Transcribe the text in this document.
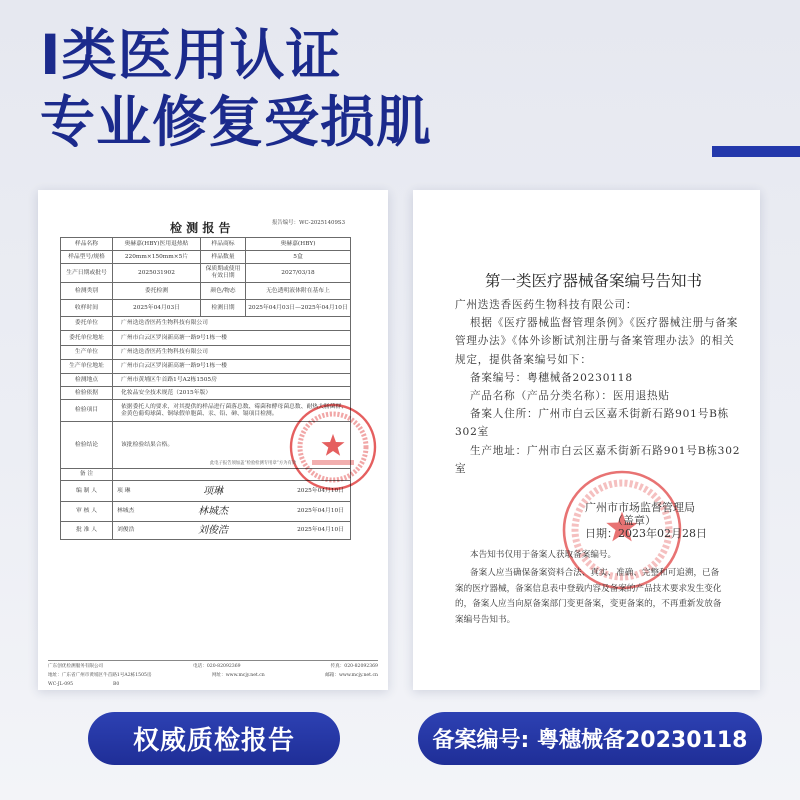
I类医用认证
专业修复受损肌
检 测 报 告	报告编号：WC-20251409S3
样品名称	奥赫嘉(HBY)医用退热贴	样品商标	奥赫嘉(HBY)
样品型号/规格	220mm×150mm×5片	样品数量	5盒
生产日期或批号	2025031902	保质期或使用有效日期	2027/03/18
检测类别	委托检测	颜色/物态	无色透明液体附在基布上
收样时间	2025年04月03日	检测日期	2025年04月03日—2025年04月10日
委托单位	广州迭迭香医药生物科技有限公司		
委托单位地址	广州市白云区罗岗新高塘一路9号1栋一楼		
生产单位	广州迭迭香医药生物科技有限公司		
生产单位地址	广州市白云区罗岗新高塘一路9号1栋一楼		
检测地点	广州市黄埔区牛首路1号A2栋1505房		
检验依据	化妆品安全技术规范（2015年版）		
检验项目	依据委托人的要求，对其提供的样品进行菌落总数、霉菌和酵母菌总数、耐热大肠菌群、金黄色葡萄球菌、铜绿假单胞菌、汞、铅、砷、镉项目检测。		
检验结论	该批检验结果合格。		
备 注			
编 制 人	项 琳 项琳 2025年04月10日		

审 核 人	林城杰 林城杰 2025年04月10日		

批 准 人	刘俊浩 刘俊浩 2025年04月10日		
此电子报告须加盖“检验检测专用章”方为有效
广东创优检测服务有限公司	电话：020-82092369	传真：020-82092369
地址：广东省广州市黄埔区牛首路1号A2栋1505房	网址：www.mcjy.net.cn	邮箱：www.mcjy.net.cn
WC-JL-095	B0
第一类医疗器械备案编号告知书

广州迭迭香医药生物科技有限公司：

根据《医疗器械监督管理条例》《医疗器械注册与备案管理办法》《体外诊断试剂注册与备案管理办法》的相关规定，提供备案编号如下：

备案编号：粤穗械备20230118

产品名称（产品分类名称）：医用退热贴

备案人住所：广州市白云区嘉禾街新石路901号B栋302室

生产地址：广州市白云区嘉禾街新石路901号B栋302室

广州市市场监督管理局
（盖章）
日期：2023年02月28日

本告知书仅用于备案人获取备案编号。

备案人应当确保备案资料合法、真实、准确、完整和可追溯，已备案的医疗器械，备案信息表中登载内容及备案的产品技术要求发生变化的，备案人应当向原备案部门变更备案，变更备案的，不再重新发放备案编号告知书。

权威质检报告	备案编号: 粤穗械备20230118
